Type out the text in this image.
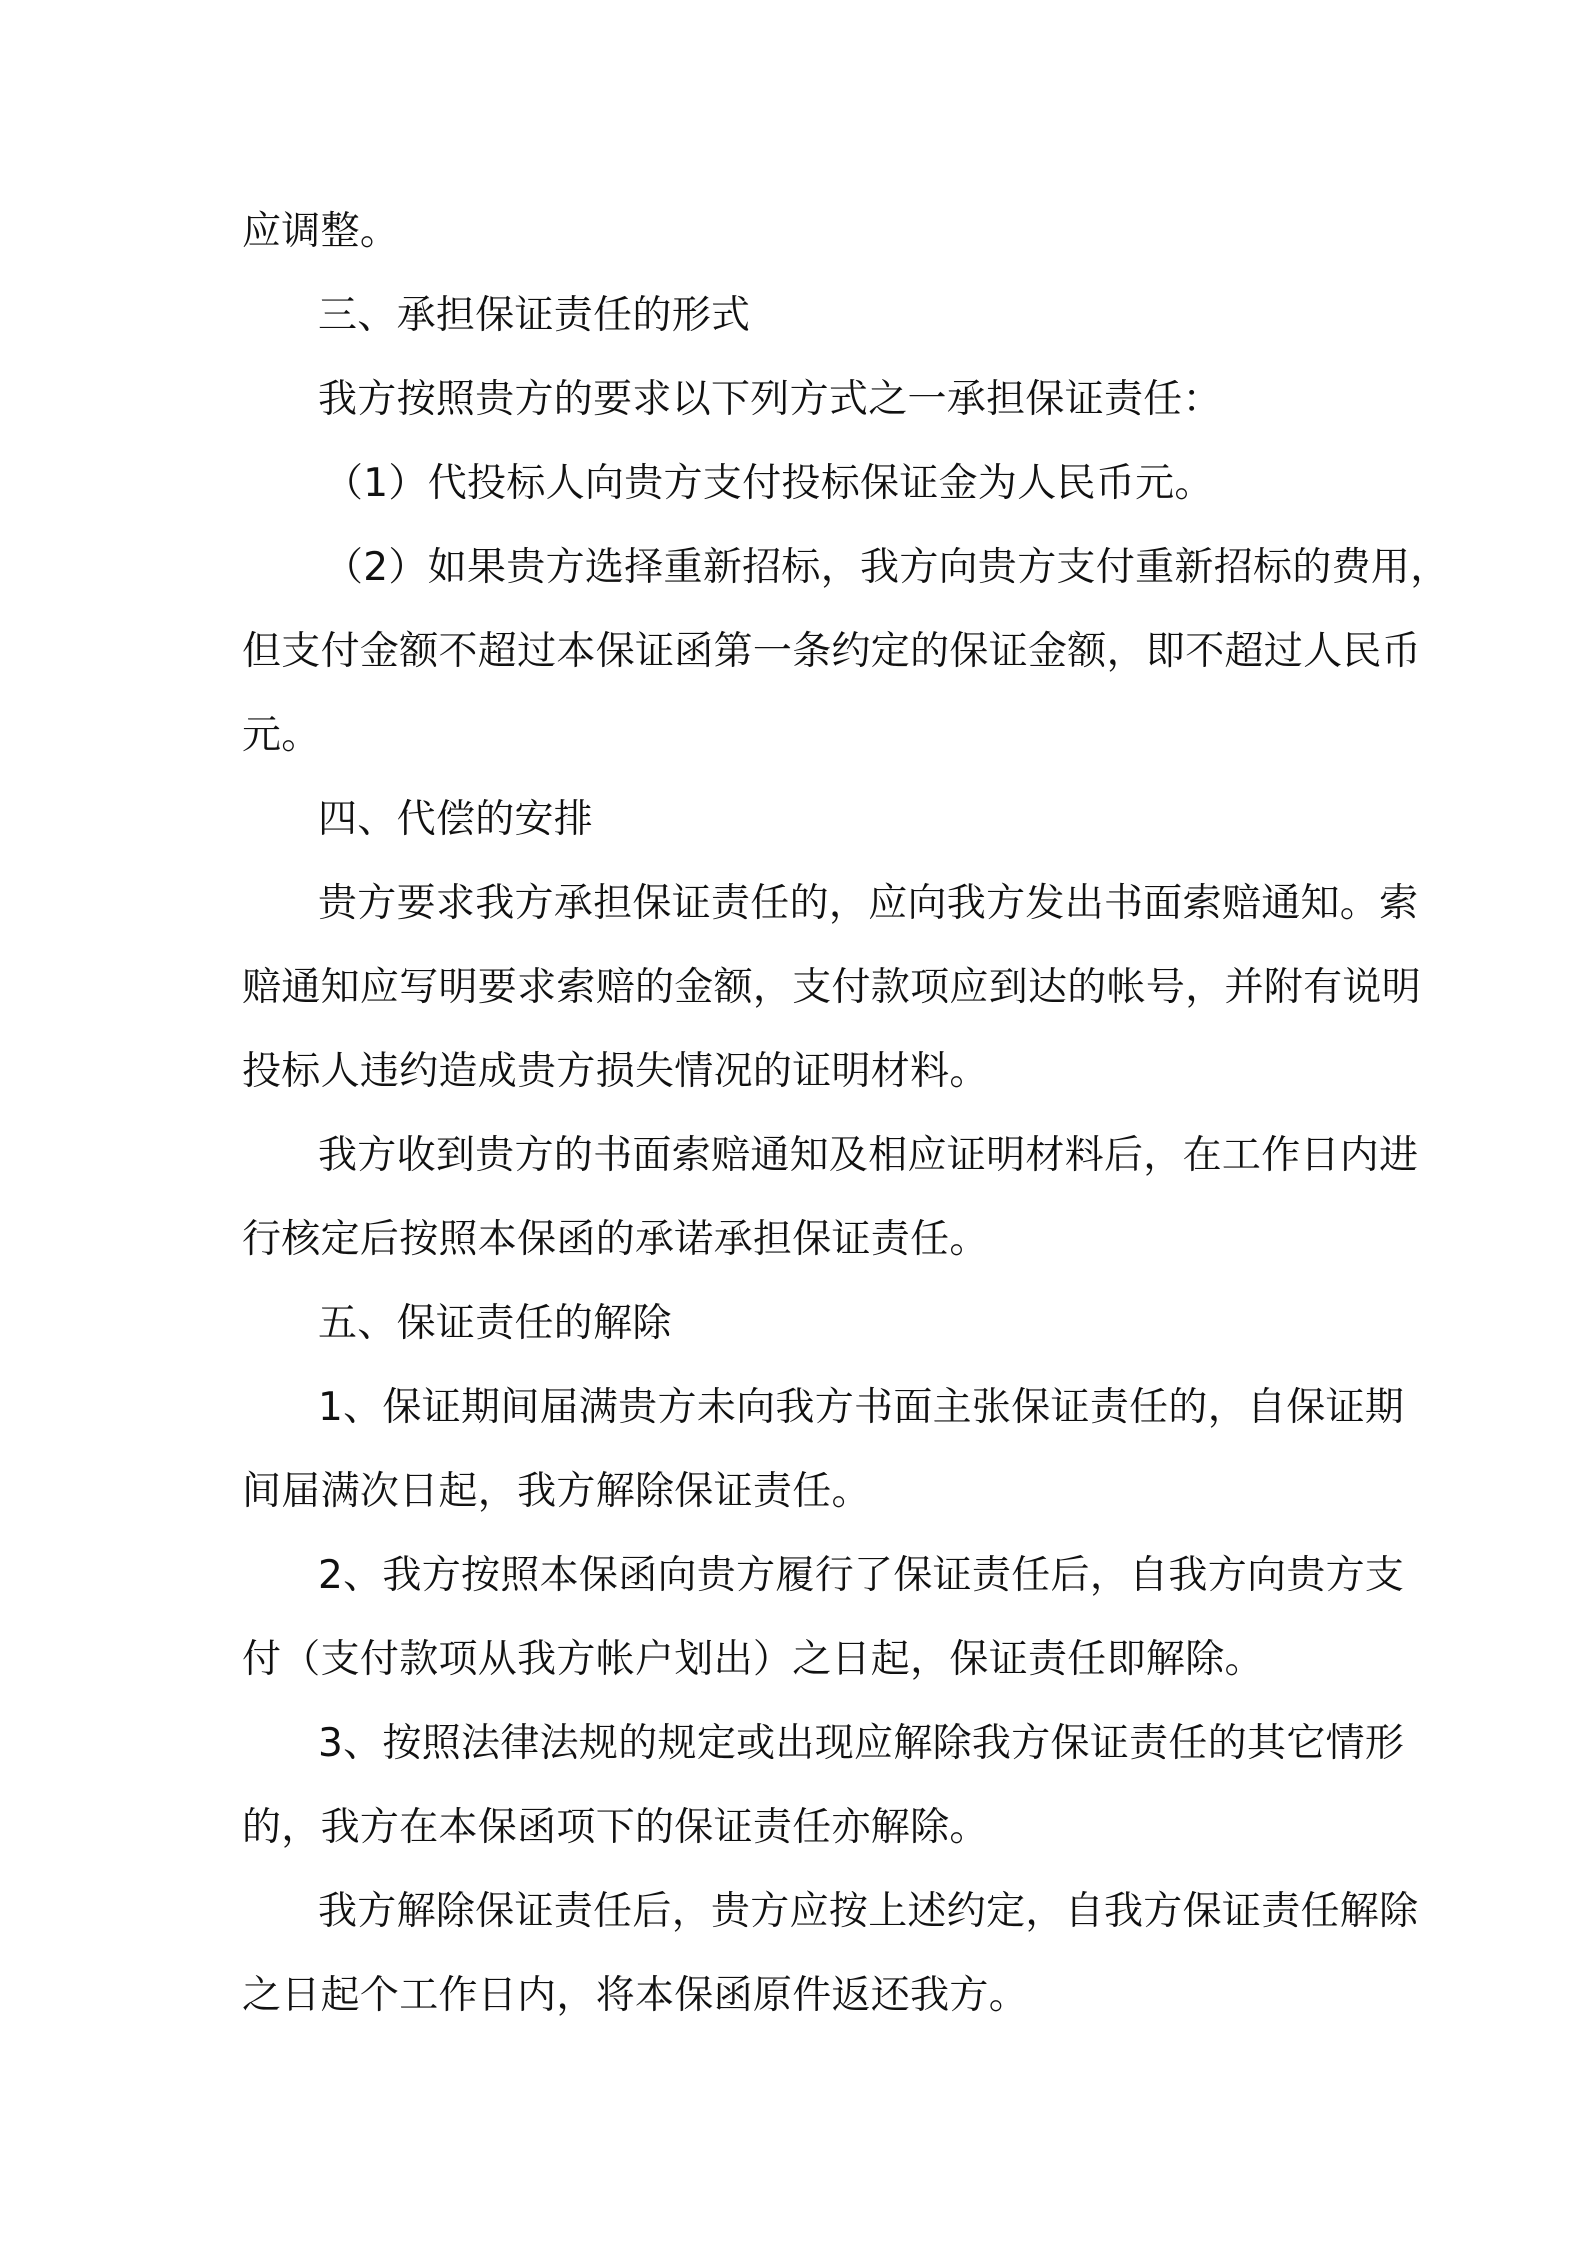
应调整。
三、承担保证责任的形式
我方按照贵方的要求以下列方式之一承担保证责任：
（1）代投标人向贵方支付投标保证金为人民币元。
（2）如果贵方选择重新招标，我方向贵方支付重新招标的费用，
但支付金额不超过本保证函第一条约定的保证金额，即不超过人民币
元。
四、代偿的安排
贵方要求我方承担保证责任的，应向我方发出书面索赔通知。索
赔通知应写明要求索赔的金额，支付款项应到达的帐号，并附有说明
投标人违约造成贵方损失情况的证明材料。
我方收到贵方的书面索赔通知及相应证明材料后，在工作日内进
行核定后按照本保函的承诺承担保证责任。
五、保证责任的解除
1、保证期间届满贵方未向我方书面主张保证责任的，自保证期
间届满次日起，我方解除保证责任。
2、我方按照本保函向贵方履行了保证责任后，自我方向贵方支
付（支付款项从我方帐户划出）之日起，保证责任即解除。
3、按照法律法规的规定或出现应解除我方保证责任的其它情形
的，我方在本保函项下的保证责任亦解除。
我方解除保证责任后，贵方应按上述约定，自我方保证责任解除
之日起个工作日内，将本保函原件返还我方。
